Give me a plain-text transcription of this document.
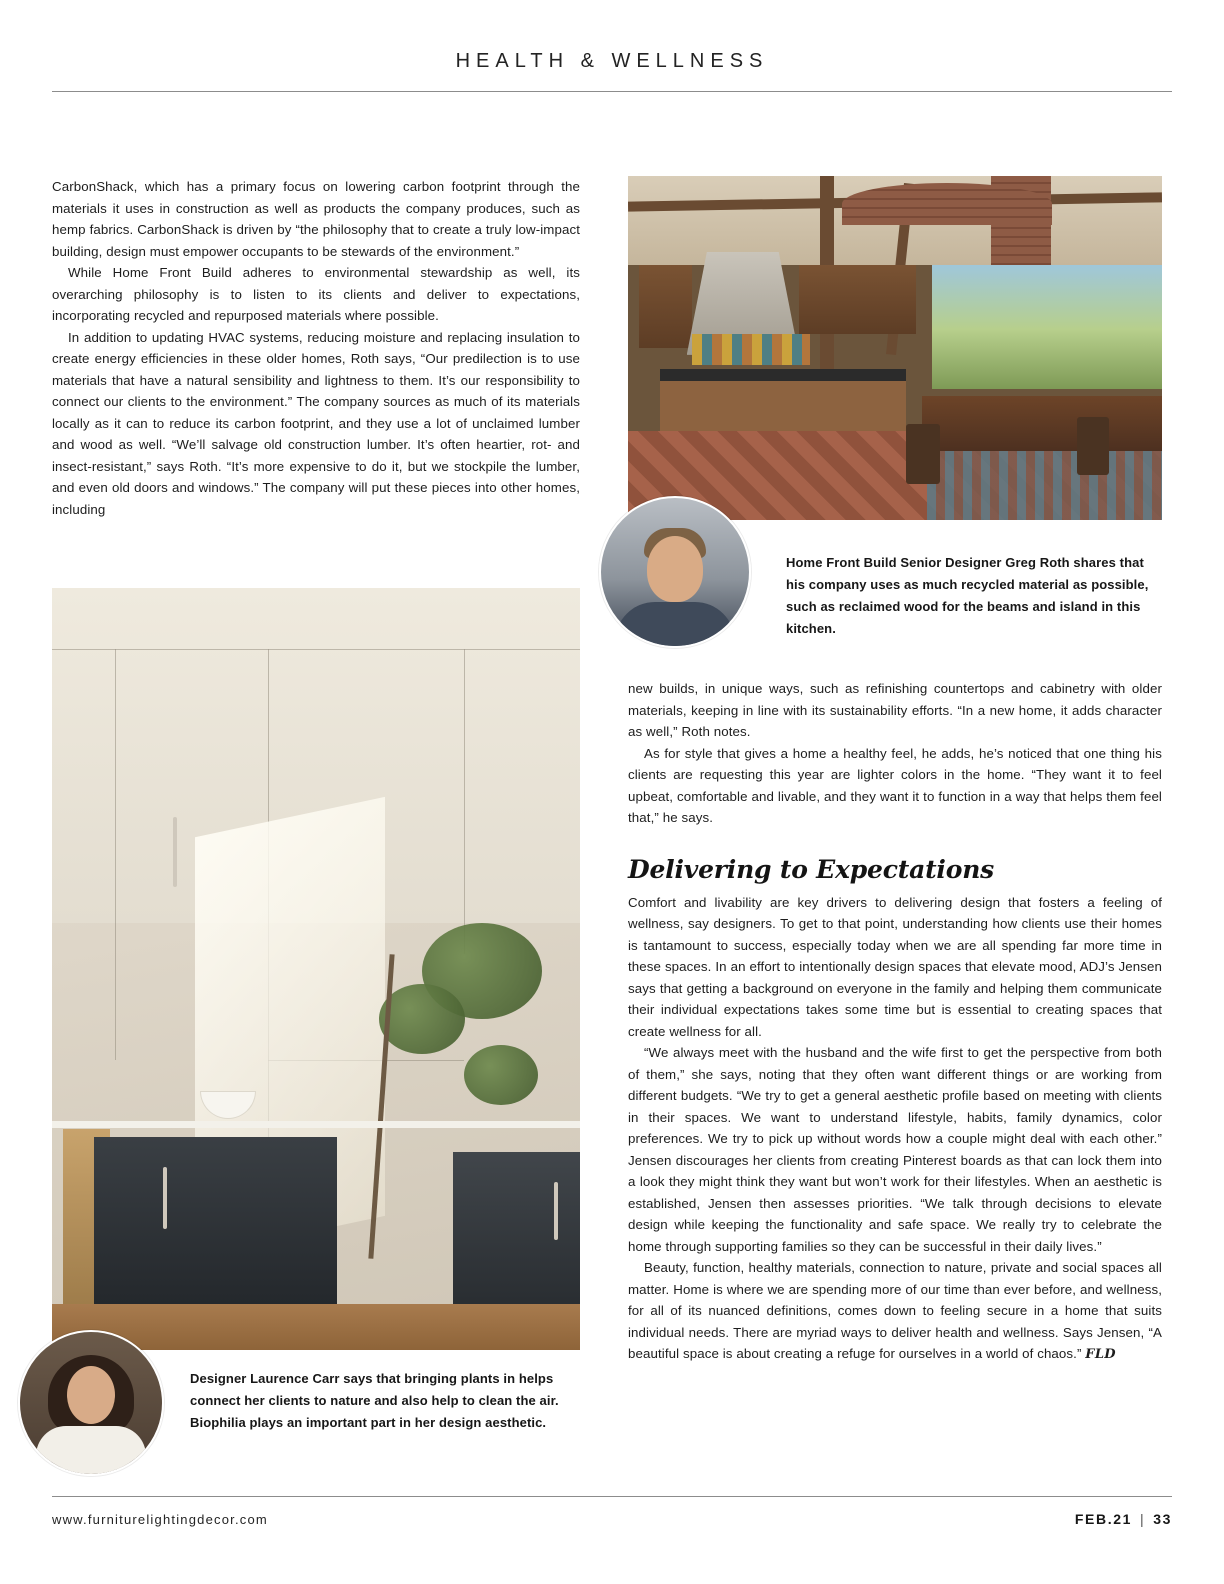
HEALTH & WELLNESS

CarbonShack, which has a primary focus on lowering carbon footprint through the materials it uses in construction as well as products the company produces, such as hemp fabrics. CarbonShack is driven by “the philosophy that to create a truly low-impact building, design must empower occupants to be stewards of the environment.”

While Home Front Build adheres to environmental stewardship as well, its overarching philosophy is to listen to its clients and deliver to expectations, incorporating recycled and repurposed materials where possible.

In addition to updating HVAC systems, reducing moisture and replacing insulation to create energy efficiencies in these older homes, Roth says, “Our predilection is to use materials that have a natural sensibility and lightness to them. It’s our responsibility to connect our clients to the environment.” The company sources as much of its materials locally as it can to reduce its carbon footprint, and they use a lot of unclaimed lumber and wood as well. “We’ll salvage old construction lumber. It’s often heartier, rot- and insect-resistant,” says Roth. “It’s more expensive to do it, but we stockpile the lumber, and even old doors and windows.” The company will put these pieces into other homes, including

Home Front Build Senior Designer Greg Roth shares that his company uses as much recycled material as possible, such as reclaimed wood for the beams and island in this kitchen.

new builds, in unique ways, such as refinishing countertops and cabinetry with older materials, keeping in line with its sustainability efforts. “In a new home, it adds character as well,” Roth notes.

As for style that gives a home a healthy feel, he adds, he’s noticed that one thing his clients are requesting this year are lighter colors in the home. “They want it to feel upbeat, comfortable and livable, and they want it to function in a way that helps them feel that,” he says.

Delivering to Expectations

Comfort and livability are key drivers to delivering design that fosters a feeling of wellness, say designers. To get to that point, understanding how clients use their homes is tantamount to success, especially today when we are all spending far more time in these spaces. In an effort to intentionally design spaces that elevate mood, ADJ’s Jensen says that getting a background on everyone in the family and helping them communicate their individual expectations takes some time but is essential to creating spaces that create wellness for all.

“We always meet with the husband and the wife first to get the perspective from both of them,” she says, noting that they often want different things or are working from different budgets. “We try to get a general aesthetic profile based on meeting with clients in their spaces. We want to understand lifestyle, habits, family dynamics, color preferences. We try to pick up without words how a couple might deal with each other.” Jensen discourages her clients from creating Pinterest boards as that can lock them into a look they might think they want but won’t work for their lifestyles. When an aesthetic is established, Jensen then assesses priorities. “We talk through decisions to elevate design while keeping the functionality and safe space. We really try to celebrate the home through supporting families so they can be successful in their daily lives.”

Beauty, function, healthy materials, connection to nature, private and social spaces all matter. Home is where we are spending more of our time than ever before, and wellness, for all of its nuanced definitions, comes down to feeling secure in a home that suits individual needs. There are myriad ways to deliver health and wellness. Says Jensen, “A beautiful space is about creating a refuge for ourselves in a world of chaos.” FLD

Designer Laurence Carr says that bringing plants in helps connect her clients to nature and also help to clean the air. Biophilia plays an important part in her design aesthetic.
www.furniturelightingdecor.com	FEB.21 | 33
